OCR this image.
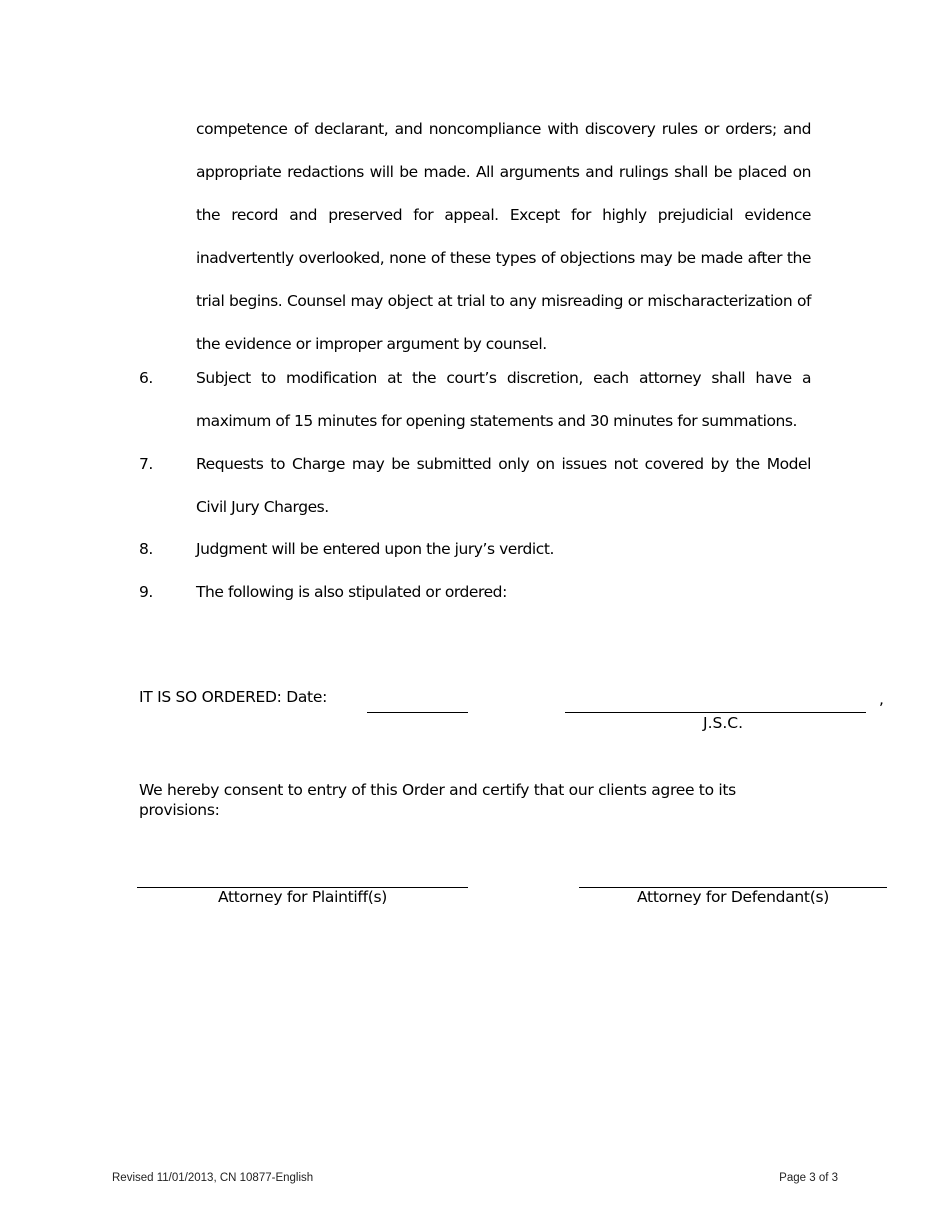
competence of declarant, and noncompliance with discovery rules or orders; and appropriate redactions will be made. All arguments and rulings shall be placed on the record and preserved for appeal. Except for highly prejudicial evidence inadvertently overlooked, none of these types of objections may be made after the trial begins. Counsel may object at trial to any misreading or mischaracterization of the evidence or improper argument by counsel.
6.	Subject to modification at the court’s discretion, each attorney shall have a maximum of 15 minutes for opening statements and 30 minutes for summations.
7.	Requests to Charge may be submitted only on issues not covered by the Model Civil Jury Charges.
8.	Judgment will be entered upon the jury’s verdict.
9.	The following is also stipulated or ordered:
IT IS SO ORDERED: Date:	,
J.S.C.
We hereby consent to entry of this Order and certify that our clients agree to its provisions:
Attorney for Plaintiff(s)	Attorney for Defendant(s)
Revised 11/01/2013, CN 10877-English	Page 3 of 3
